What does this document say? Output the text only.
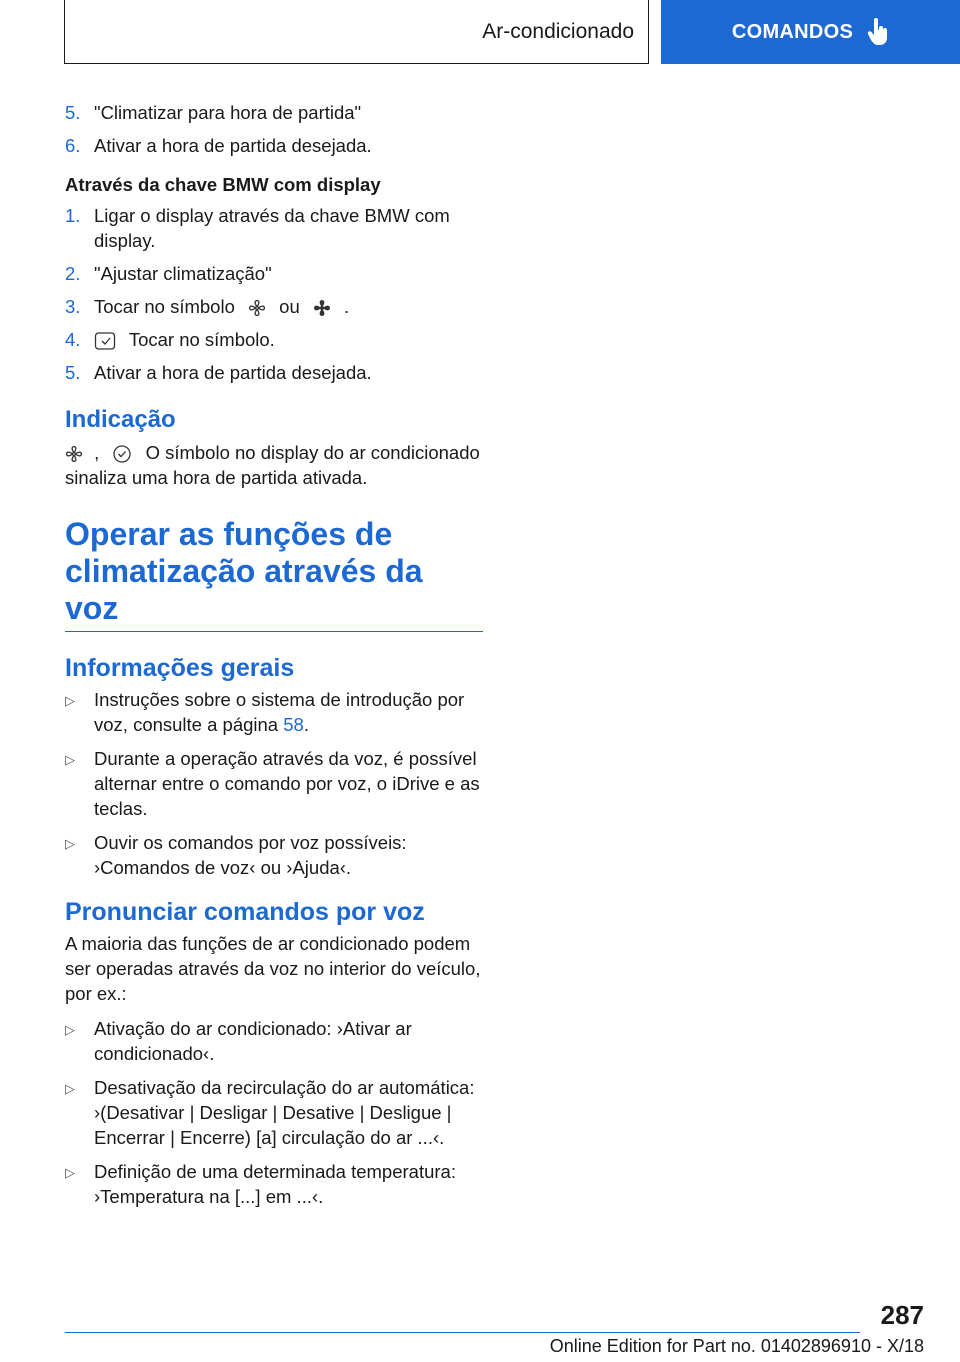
Ar-condicionado	COMANDOS
5. "Climatizar para hora de partida"
6. Ativar a hora de partida desejada.
Através da chave BMW com display
1. Ligar o display através da chave BMW com display.
2. "Ajustar climatização"
3. Tocar no símbolo ou .
4.	Tocar no símbolo.
5. Ativar a hora de partida desejada.
Indicação
,	O símbolo no display do ar condicionado
sinaliza uma hora de partida ativada.
Operar as funções de climatização através da voz
Informações gerais
▷	Instruções sobre o sistema de introdução por voz, consulte a página 58.
▷	Durante a operação através da voz, é possível alternar entre o comando por voz, o iDrive e as teclas.
▷	Ouvir os comandos por voz possíveis: ›Comandos de voz‹ ou ›Ajuda‹.
Pronunciar comandos por voz
A maioria das funções de ar condicionado podem ser operadas através da voz no interior do veículo, por ex.:
▷	Ativação do ar condicionado: ›Ativar ar condicionado‹.
▷	Desativação da recirculação do ar automática: ›(Desativar | Desligar | Desative | Desligue | Encerrar | Encerre) [a] circulação do ar ...‹.
▷	Definição de uma determinada temperatura: ›Temperatura na [...] em ...‹.
287
Online Edition for Part no. 01402896910 - X/18
